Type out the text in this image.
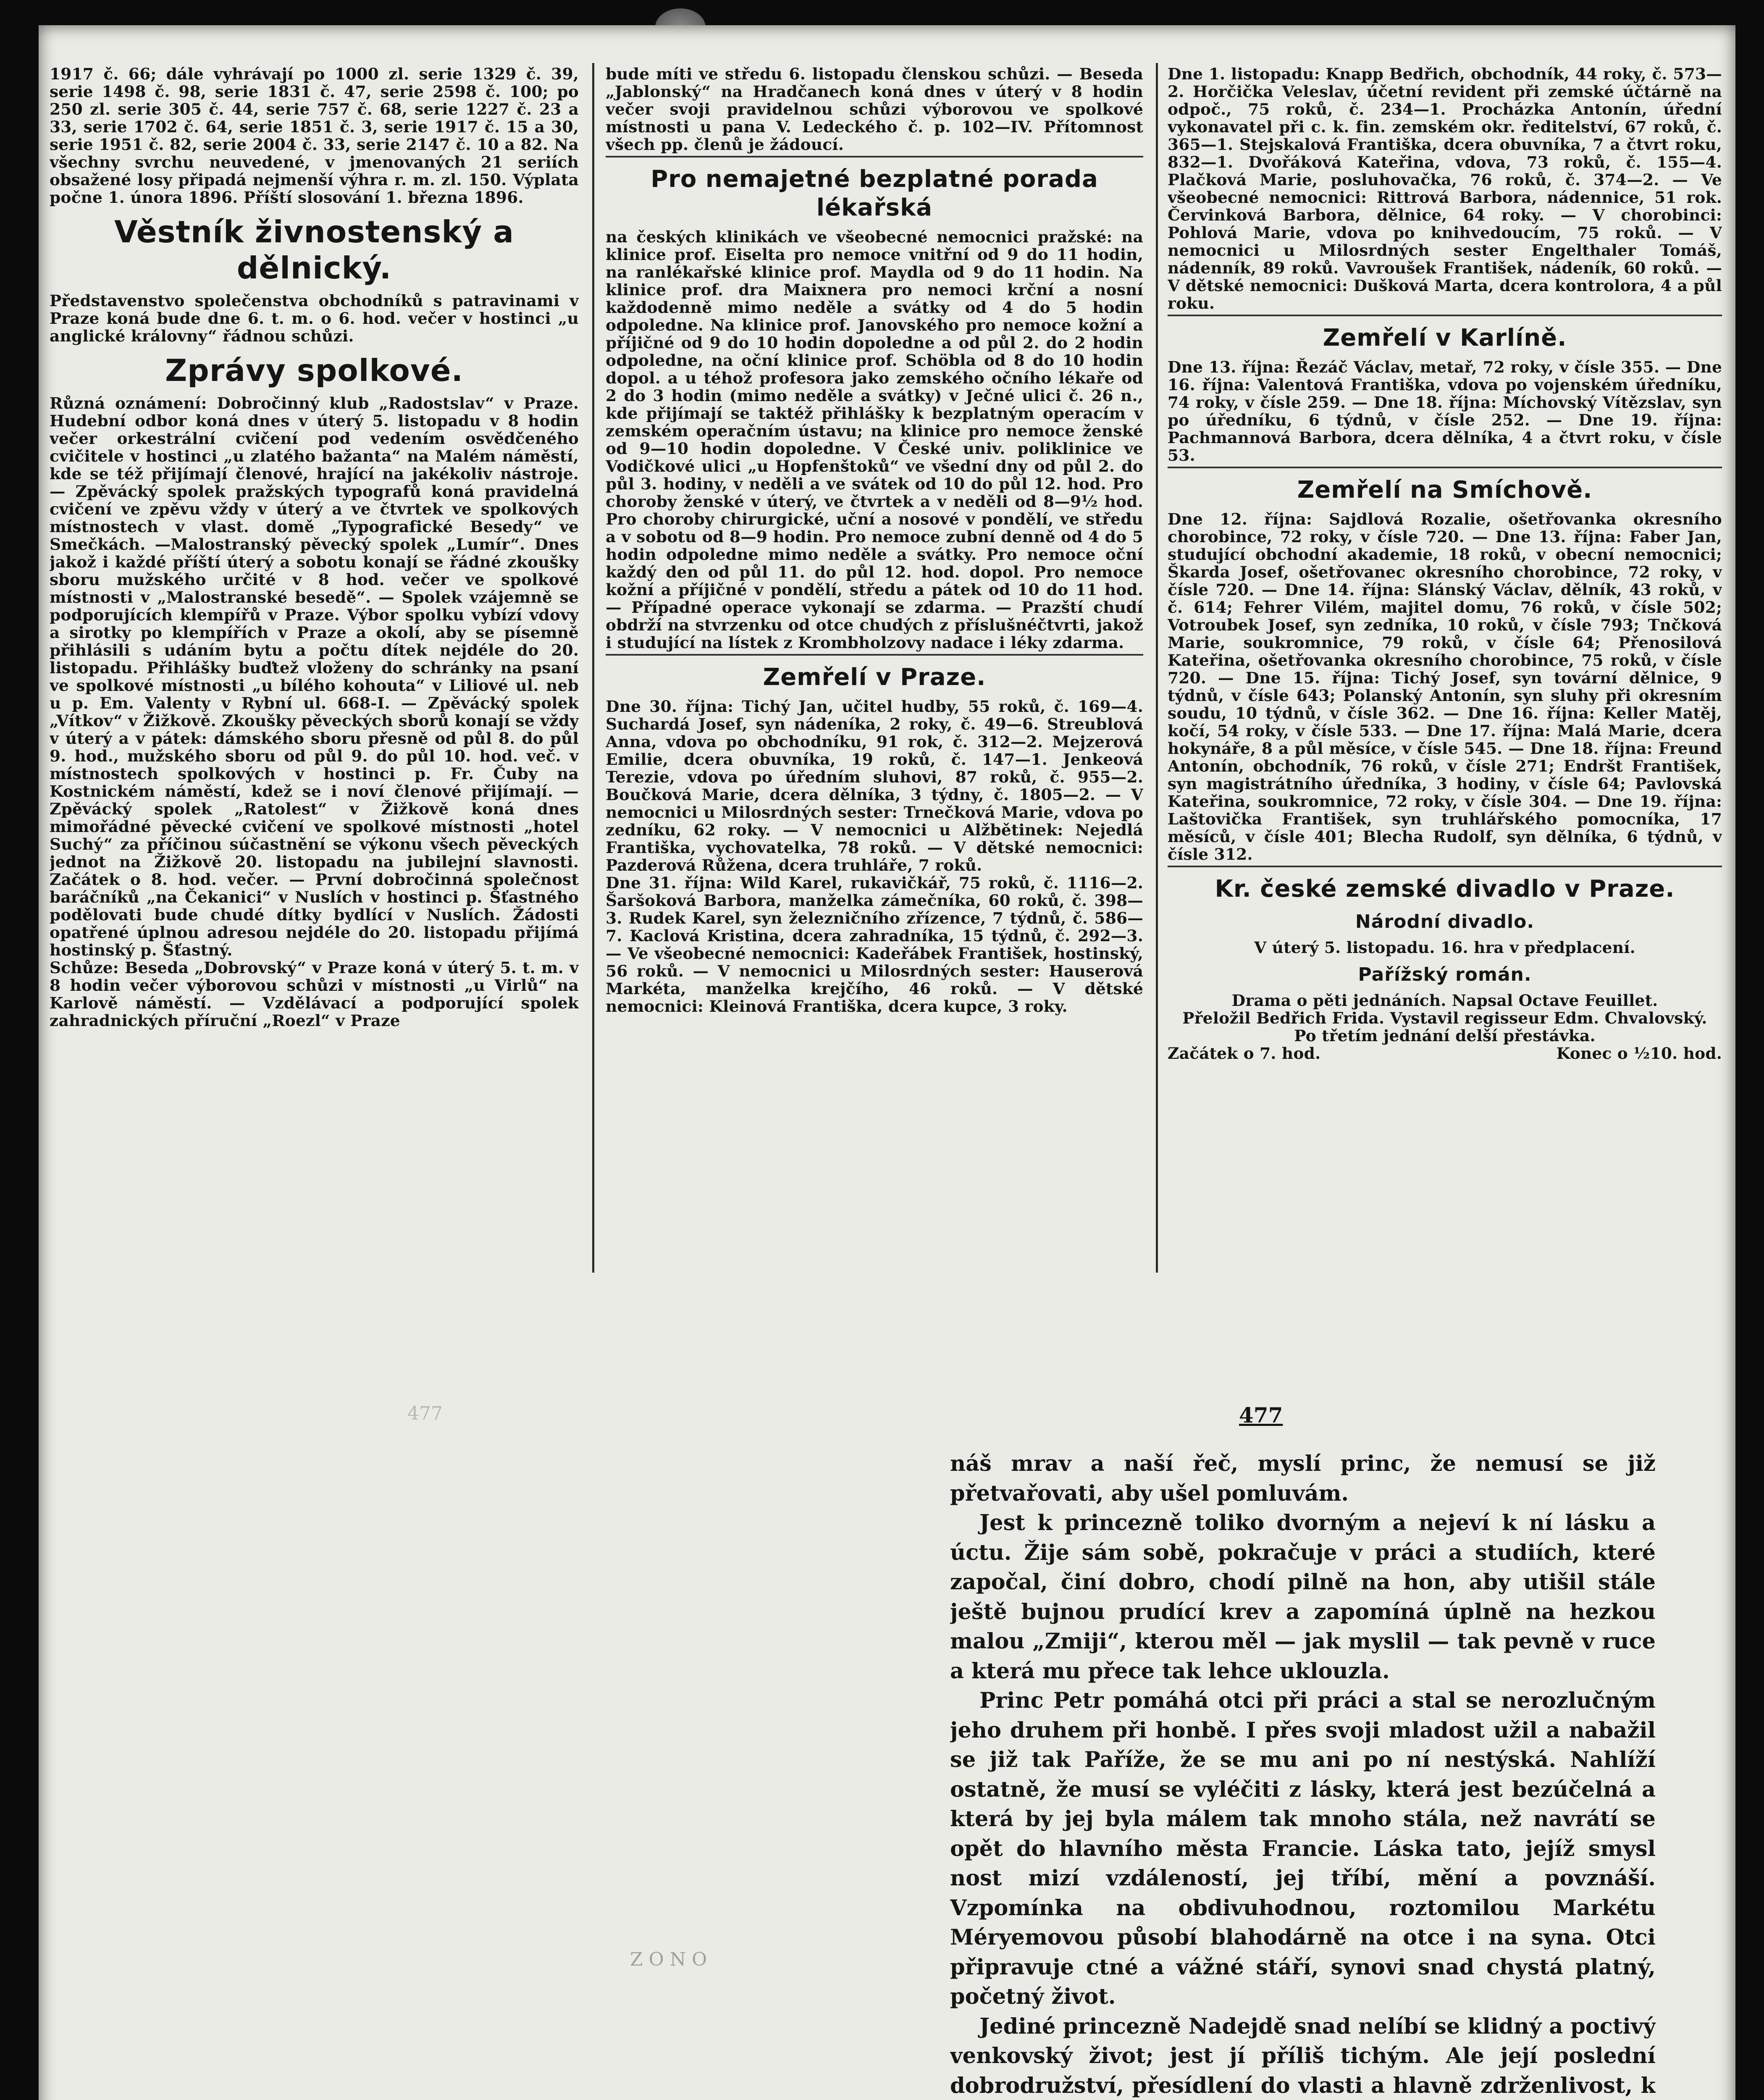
1917 č. 66; dále vyhrávají po 1000 zl. serie 1329 č. 39, serie 1498 č. 98, serie 1831 č. 47, serie 2598 č. 100; po 250 zl. serie 305 č. 44, serie 757 č. 68, serie 1227 č. 23 a 33, serie 1702 č. 64, serie 1851 č. 3, serie 1917 č. 15 a 30, serie 1951 č. 82, serie 2004 č. 33, serie 2147 č. 10 a 82. Na všechny svrchu neuvedené, v jmenovaných 21 seriích obsažené losy připadá nejmenší výhra r. m. zl. 150. Výplata počne 1. února 1896. Příští slosování 1. března 1896.

Věstník živnostenský a dělnický.

Představenstvo společenstva obchodníků s patravinami v Praze koná bude dne 6. t. m. o 6. hod. večer v hostinci „u anglické královny“ řádnou schůzi.

Zprávy spolkové.

Různá oznámení: Dobročinný klub „Radostslav“ v Praze. Hudební odbor koná dnes v úterý 5. listopadu v 8 hodin večer orkestrální cvičení pod vedením osvědčeného cvičitele v hostinci „u zlatého bažanta“ na Malém náměstí, kde se též přijímají členové, hrající na jakékoliv nástroje. — Zpěvácký spolek pražských typografů koná pravidelná cvičení ve zpěvu vždy v úterý a ve čtvrtek ve spolkových místnostech v vlast. domě „Typografické Besedy“ ve Smečkách. —Malostranský pěvecký spolek „Lumír“. Dnes jakož i každé příští úterý a sobotu konají se řádné zkoušky sboru mužského určité v 8 hod. večer ve spolkové místnosti v „Malostranské besedě“. — Spolek vzájemně se podporujících klempířů v Praze. Výbor spolku vybízí vdovy a sirotky po klempířích v Praze a okolí, aby se písemně přihlásili s udáním bytu a počtu dítek nejdéle do 20. listopadu. Přihlášky buďtež vloženy do schránky na psaní ve spolkové místnosti „u bílého kohouta“ v Liliové ul. neb u p. Em. Valenty v Rybní ul. 668-I. — Zpěvácký spolek „Vítkov“ v Žižkově. Zkoušky pěveckých sborů konají se vždy v úterý a v pátek: dámského sboru přesně od půl 8. do půl 9. hod., mužského sboru od půl 9. do půl 10. hod. več. v místnostech spolkových v hostinci p. Fr. Čuby na Kostnickém náměstí, kdež se i noví členové přijímají. — Zpěvácký spolek „Ratolest“ v Žižkově koná dnes mimořádné pěvecké cvičení ve spolkové místnosti „hotel Suchý“ za příčinou súčastnění se výkonu všech pěveckých jednot na Žižkově 20. listopadu na jubilejní slavnosti. Začátek o 8. hod. večer. — První dobročinná společnost baráčníků „na Čekanici“ v Nuslích v hostinci p. Šťastného podělovati bude chudé dítky bydlící v Nuslích. Žádosti opatřené úplnou adresou nejdéle do 20. listopadu přijímá hostinský p. Šťastný.

Schůze: Beseda „Dobrovský“ v Praze koná v úterý 5. t. m. v 8 hodin večer výborovou schůzi v místnosti „u Virlů“ na Karlově náměstí. — Vzdělávací a podporující spolek zahradnických příruční „Roezl“ v Praze

bude míti ve středu 6. listopadu členskou schůzi. — Beseda „Jablonský“ na Hradčanech koná dnes v úterý v 8 hodin večer svoji pravidelnou schůzi výborovou ve spolkové místnosti u pana V. Ledeckého č. p. 102—IV. Přítomnost všech pp. členů je žádoucí.

Pro nemajetné bezplatné porada lékařská

na českých klinikách ve všeobecné nemocnici pražské: na klinice prof. Eiselta pro nemoce vnitřní od 9 do 11 hodin, na ranlékařské klinice prof. Maydla od 9 do 11 hodin. Na klinice prof. dra Maixnera pro nemoci krční a nosní každodenně mimo neděle a svátky od 4 do 5 hodin odpoledne. Na klinice prof. Janovského pro nemoce kožní a příjičné od 9 do 10 hodin dopoledne a od půl 2. do 2 hodin odpoledne, na oční klinice prof. Schöbla od 8 do 10 hodin dopol. a u téhož profesora jako zemského očního lékaře od 2 do 3 hodin (mimo neděle a svátky) v Ječné ulici č. 26 n., kde přijímají se taktéž přihlášky k bezplatným operacím v zemském operačním ústavu; na klinice pro nemoce ženské od 9—10 hodin dopoledne. V České univ. poliklinice ve Vodičkové ulici „u Hopfenštoků“ ve všední dny od půl 2. do půl 3. hodiny, v neděli a ve svátek od 10 do půl 12. hod. Pro choroby ženské v úterý, ve čtvrtek a v neděli od 8—9½ hod. Pro choroby chirurgické, uční a nosové v pondělí, ve středu a v sobotu od 8—9 hodin. Pro nemoce zubní denně od 4 do 5 hodin odpoledne mimo neděle a svátky. Pro nemoce oční každý den od půl 11. do půl 12. hod. dopol. Pro nemoce kožní a příjičné v pondělí, středu a pátek od 10 do 11 hod. — Případné operace vykonají se zdarma. — Prazští chudí obdrží na stvrzenku od otce chudých z příslušnéčtvrti, jakož i studující na lístek z Krombholzovy nadace i léky zdarma.

Zemřelí v Praze.

Dne 30. října: Tichý Jan, učitel hudby, 55 roků, č. 169—4. Suchardá Josef, syn nádeníka, 2 roky, č. 49—6. Streublová Anna, vdova po obchodníku, 91 rok, č. 312—2. Mejzerová Emilie, dcera obuvníka, 19 roků, č. 147—1. Jenkeová Terezie, vdova po úředním sluhovi, 87 roků, č. 955—2. Boučková Marie, dcera dělníka, 3 týdny, č. 1805—2. — V nemocnici u Milosrdných sester: Trnečková Marie, vdova po zedníku, 62 roky. — V nemocnici u Alžbětinek: Nejedlá Františka, vychovatelka, 78 roků. — V dětské nemocnici: Pazderová Růžena, dcera truhláře, 7 roků.

Dne 31. října: Wild Karel, rukavičkář, 75 roků, č. 1116—2. Šaršoková Barbora, manželka zámečníka, 60 roků, č. 398—3. Rudek Karel, syn železničního zřízence, 7 týdnů, č. 586—7. Kaclová Kristina, dcera zahradníka, 15 týdnů, č. 292—3. — Ve všeobecné nemocnici: Kadeřábek František, hostinský, 56 roků. — V nemocnici u Milosrdných sester: Hauserová Markéta, manželka krejčího, 46 roků. — V dětské nemocnici: Kleinová Františka, dcera kupce, 3 roky.

Dne 1. listopadu: Knapp Bedřich, obchodník, 44 roky, č. 573—2. Horčička Veleslav, účetní revident při zemské účtárně na odpoč., 75 roků, č. 234—1. Procházka Antonín, úřední vykonavatel při c. k. fin. zemském okr. ředitelství, 67 roků, č. 365—1. Stejskalová Františka, dcera obuvníka, 7 a čtvrt roku, 832—1. Dvořáková Kateřina, vdova, 73 roků, č. 155—4. Plačková Marie, posluhovačka, 76 roků, č. 374—2. — Ve všeobecné nemocnici: Rittrová Barbora, nádennice, 51 rok. Červinková Barbora, dělnice, 64 roky. — V chorobinci: Pohlová Marie, vdova po knihvedoucím, 75 roků. — V nemocnici u Milosrdných sester Engelthaler Tomáš, nádenník, 89 roků. Vavroušek František, nádeník, 60 roků. — V dětské nemocnici: Dušková Marta, dcera kontrolora, 4 a půl roku.

Zemřelí v Karlíně.

Dne 13. října: Řezáč Václav, metař, 72 roky, v čísle 355. — Dne 16. října: Valentová Františka, vdova po vojenském úředníku, 74 roky, v čísle 259. — Dne 18. října: Míchovský Vítězslav, syn po úředníku, 6 týdnů, v čísle 252. — Dne 19. října: Pachmannová Barbora, dcera dělníka, 4 a čtvrt roku, v čísle 53.

Zemřelí na Smíchově.

Dne 12. října: Sajdlová Rozalie, ošetřovanka okresního chorobince, 72 roky, v čísle 720. — Dne 13. října: Faber Jan, studující obchodní akademie, 18 roků, v obecní nemocnici; Škarda Josef, ošetřovanec okresního chorobince, 72 roky, v čísle 720. — Dne 14. října: Slánský Václav, dělník, 43 roků, v č. 614; Fehrer Vilém, majitel domu, 76 roků, v čísle 502; Votroubek Josef, syn zedníka, 10 roků, v čísle 793; Tnčková Marie, soukromnice, 79 roků, v čísle 64; Přenosilová Kateřina, ošetřovanka okresního chorobince, 75 roků, v čísle 720. — Dne 15. října: Tichý Josef, syn tovární dělnice, 9 týdnů, v čísle 643; Polanský Antonín, syn sluhy při okresním soudu, 10 týdnů, v čísle 362. — Dne 16. října: Keller Matěj, kočí, 54 roky, v čísle 533. — Dne 17. října: Malá Marie, dcera hokynáře, 8 a půl měsíce, v čísle 545. — Dne 18. října: Freund Antonín, obchodník, 76 roků, v čísle 271; Endršt František, syn magistrátního úředníka, 3 hodiny, v čísle 64; Pavlovská Kateřina, soukromnice, 72 roky, v čísle 304. — Dne 19. října: Laštovička František, syn truhlářského pomocníka, 17 měsíců, v čísle 401; Blecha Rudolf, syn dělníka, 6 týdnů, v čísle 312.

Kr. české zemské divadlo v Praze.
Národní divadlo.

V úterý 5. listopadu. 16. hra v předplacení.

Pařížský román.

Drama o pěti jednáních. Napsal Octave Feuillet.

Přeložil Bedřich Frida. Vystavil regisseur Edm. Chvalovský.

Po třetím jednání delší přestávka.

Začátek o 7. hod.	Konec o ½10. hod.

477
ZONO
477

náš mrav a naší řeč, myslí princ, že nemusí se již přetvařovati, aby ušel pomluvám.

Jest k princezně toliko dvorným a nejeví k ní lásku a úctu. Žije sám sobě, pokračuje v práci a studiích, které započal, činí dobro, chodí pilně na hon, aby utišil stále ještě bujnou prudící krev a zapomíná úplně na hezkou malou „Zmiji“, kterou měl — jak myslil — tak pevně v ruce a která mu přece tak lehce uklouzla.

Princ Petr pomáhá otci při práci a stal se nerozlučným jeho druhem při honbě. I přes svoji mladost užil a nabažil se již tak Paříže, že se mu ani po ní nestýská. Nahlíží ostatně, že musí se vyléčiti z lásky, která jest bezúčelná a která by jej byla málem tak mnoho stála, než navrátí se opět do hlavního města Francie. Láska tato, jejíž smysl nost mizí vzdáleností, jej tříbí, mění a povznáší. Vzpomínka na obdivuhodnou, roztomilou Markétu Méryemovou působí blahodárně na otce i na syna. Otci připravuje ctné a vážné stáří, synovi snad chystá platný, početný život.

Jediné princezně Nadejdě snad nelíbí se klidný a poctivý venkovský život; jest jí příliš tichým. Ale její poslední dobrodružství, přesídlení do vlasti a hlavně zdrženlivost, k
